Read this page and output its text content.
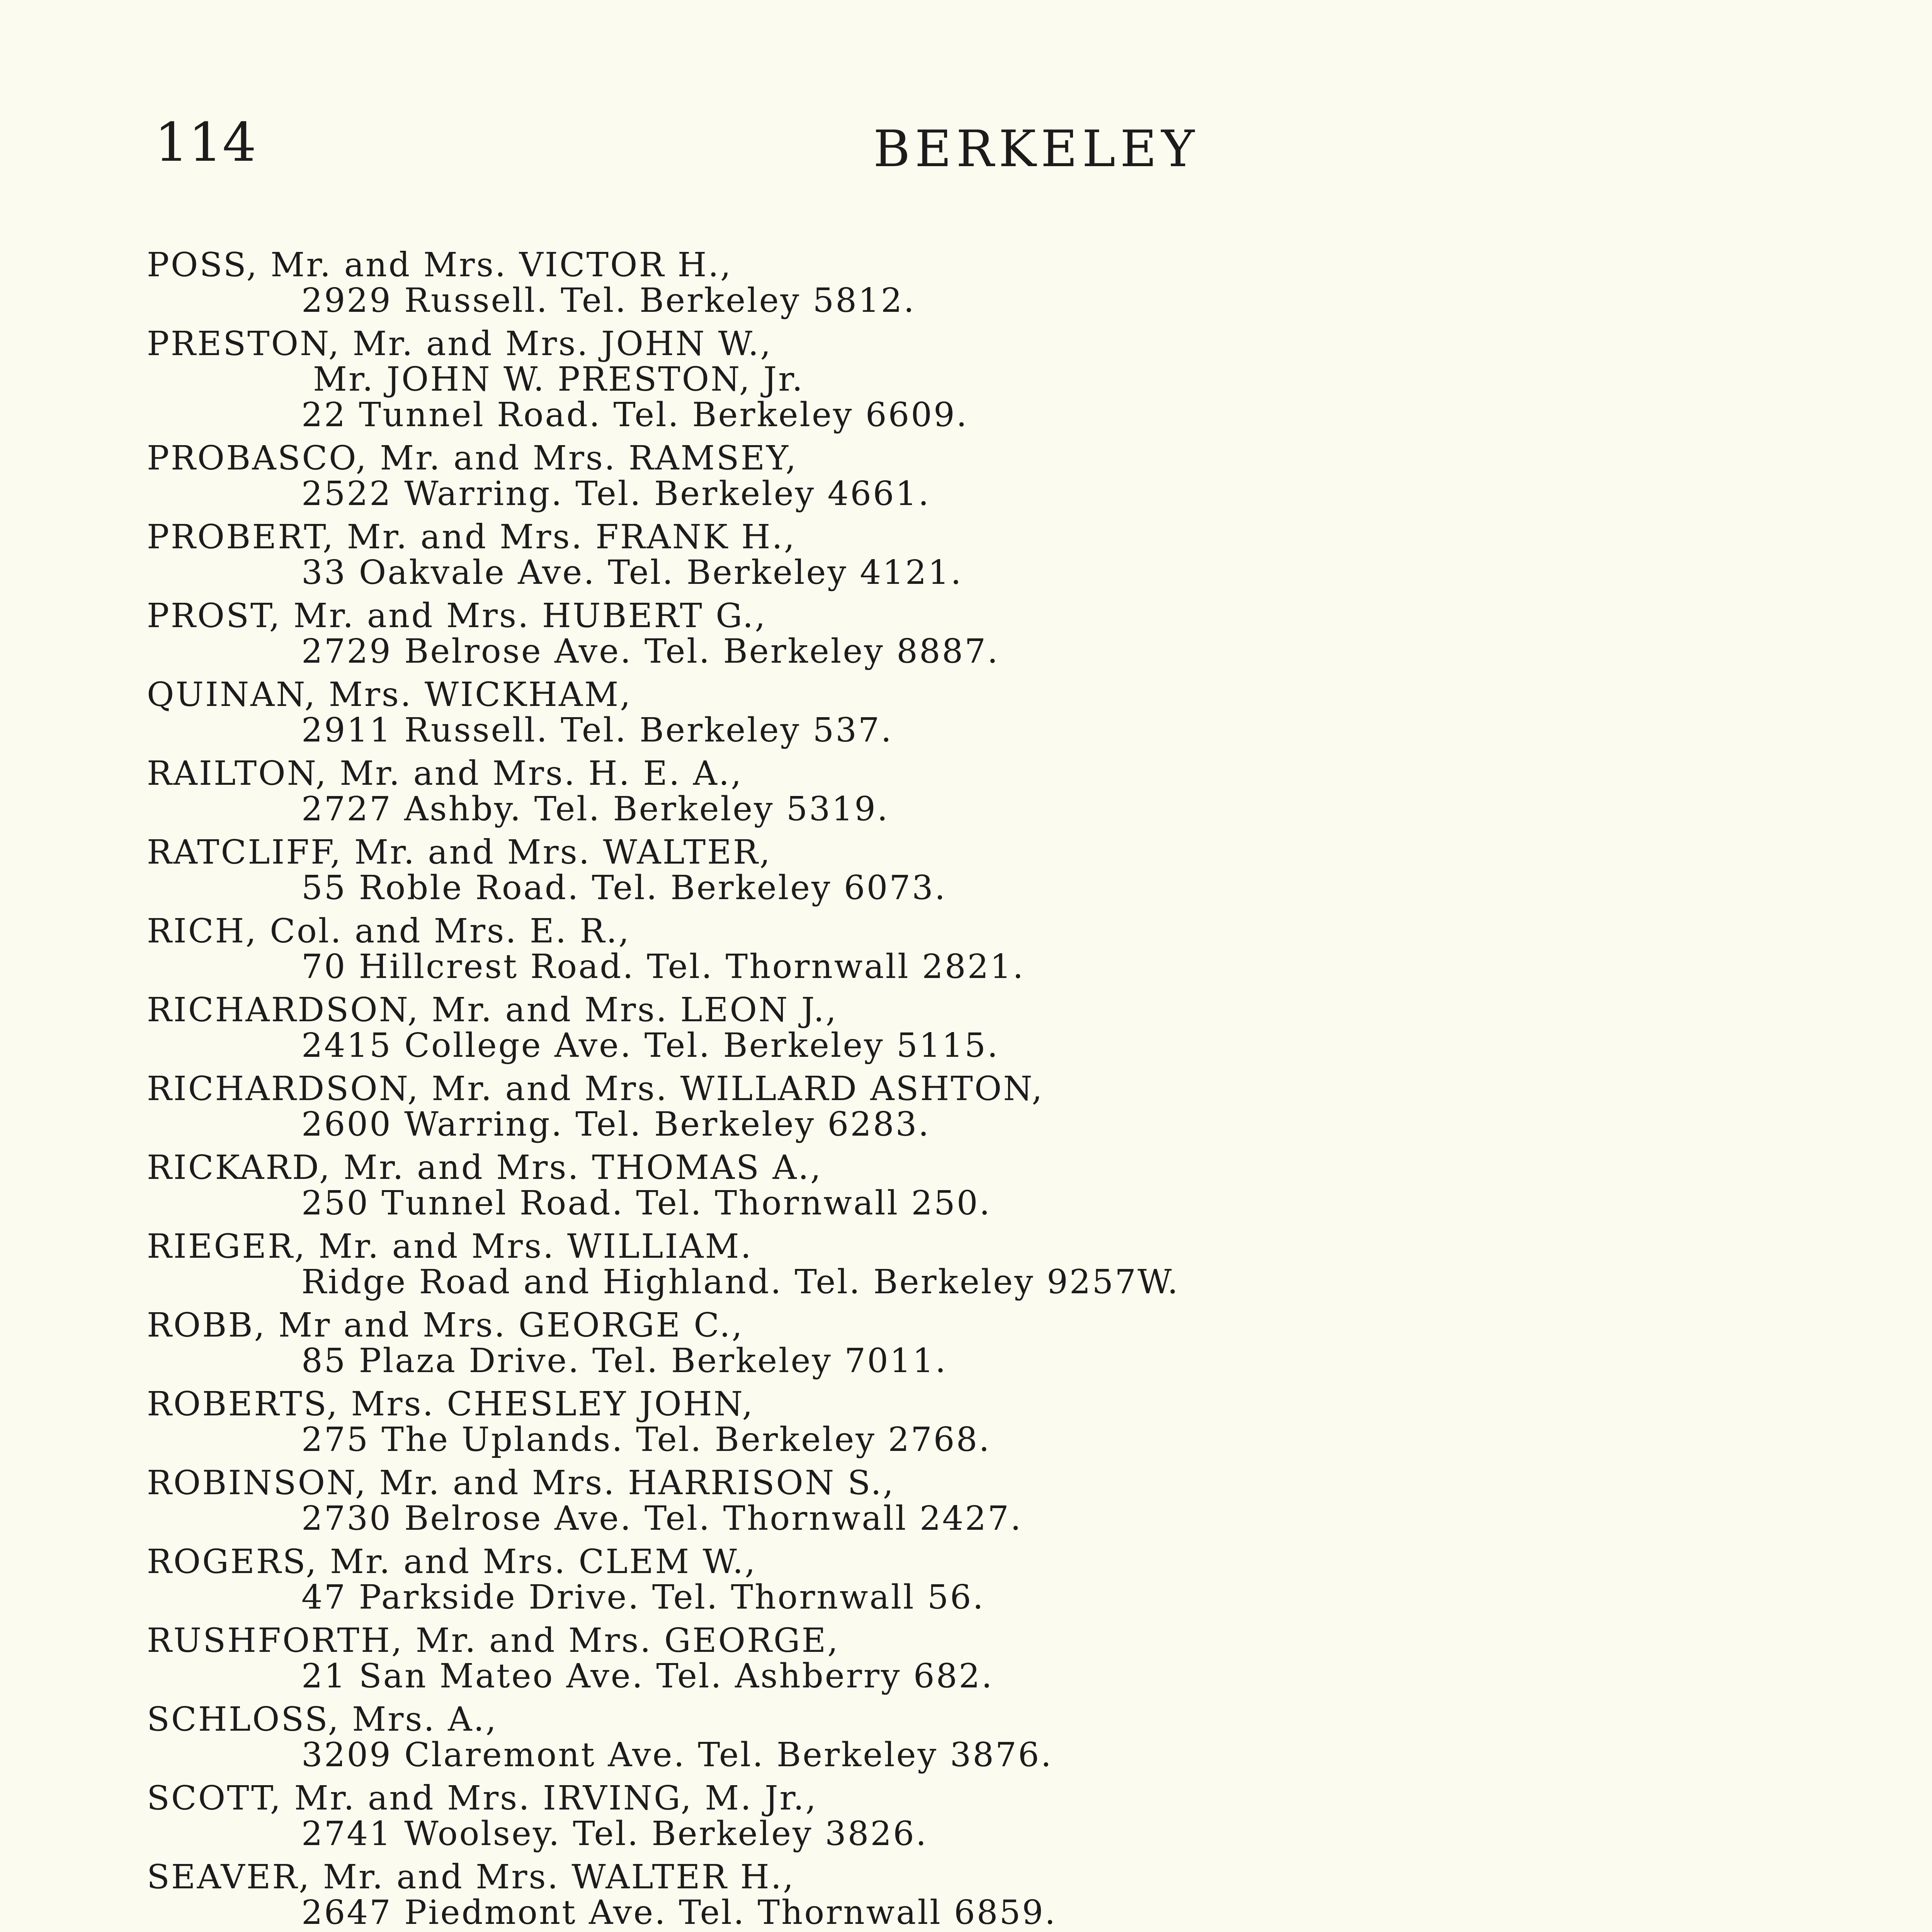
114	BERKELEY
POSS, Mr. and Mrs. VICTOR H.,
2929 Russell. Tel. Berkeley 5812.
PRESTON, Mr. and Mrs. JOHN W.,
Mr. JOHN W. PRESTON, Jr.
22 Tunnel Road. Tel. Berkeley 6609.
PROBASCO, Mr. and Mrs. RAMSEY,
2522 Warring. Tel. Berkeley 4661.
PROBERT, Mr. and Mrs. FRANK H.,
33 Oakvale Ave. Tel. Berkeley 4121.
PROST, Mr. and Mrs. HUBERT G.,
2729 Belrose Ave. Tel. Berkeley 8887.
QUINAN, Mrs. WICKHAM,
2911 Russell. Tel. Berkeley 537.
RAILTON, Mr. and Mrs. H. E. A.,
2727 Ashby. Tel. Berkeley 5319.
RATCLIFF, Mr. and Mrs. WALTER,
55 Roble Road. Tel. Berkeley 6073.
RICH, Col. and Mrs. E. R.,
70 Hillcrest Road. Tel. Thornwall 2821.
RICHARDSON, Mr. and Mrs. LEON J.,
2415 College Ave. Tel. Berkeley 5115.
RICHARDSON, Mr. and Mrs. WILLARD ASHTON,
2600 Warring. Tel. Berkeley 6283.
RICKARD, Mr. and Mrs. THOMAS A.,
250 Tunnel Road. Tel. Thornwall 250.
RIEGER, Mr. and Mrs. WILLIAM.
Ridge Road and Highland. Tel. Berkeley 9257W.
ROBB, Mr and Mrs. GEORGE C.,
85 Plaza Drive. Tel. Berkeley 7011.
ROBERTS, Mrs. CHESLEY JOHN,
275 The Uplands. Tel. Berkeley 2768.
ROBINSON, Mr. and Mrs. HARRISON S.,
2730 Belrose Ave. Tel. Thornwall 2427.
ROGERS, Mr. and Mrs. CLEM W.,
47 Parkside Drive. Tel. Thornwall 56.
RUSHFORTH, Mr. and Mrs. GEORGE,
21 San Mateo Ave. Tel. Ashberry 682.
SCHLOSS, Mrs. A.,
3209 Claremont Ave. Tel. Berkeley 3876.
SCOTT, Mr. and Mrs. IRVING, M. Jr.,
2741 Woolsey. Tel. Berkeley 3826.
SEAVER, Mr. and Mrs. WALTER H.,
2647 Piedmont Ave. Tel. Thornwall 6859.
